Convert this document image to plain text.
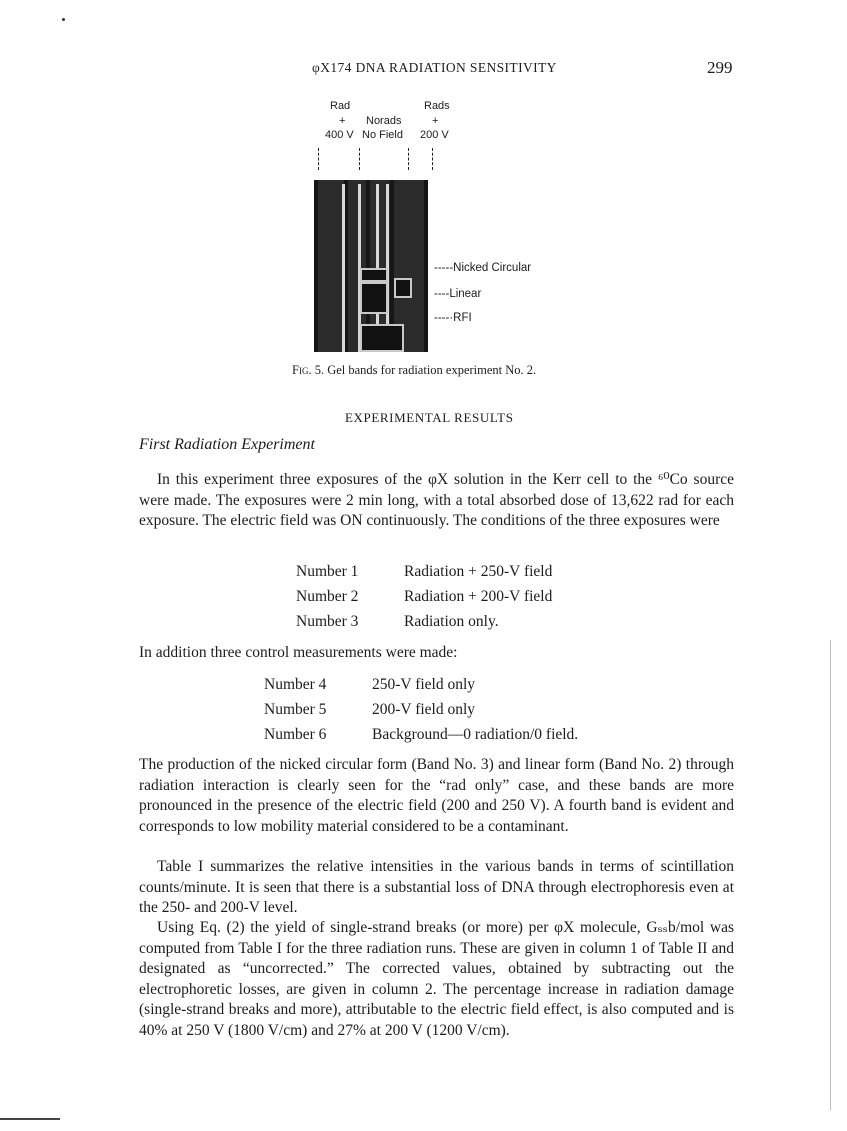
φX174 DNA RADIATION SENSITIVITY	299
Rad
+
400 V
Norads
No Field
Rads
+
200 V
-----Nicked Circular
----Linear
----·RFI
Fig. 5. Gel bands for radiation experiment No. 2.
EXPERIMENTAL RESULTS
First Radiation Experiment
In this experiment three exposures of the φX solution in the Kerr cell to the ⁶⁰Co source were made. The exposures were 2 min long, with a total absorbed dose of 13,622 rad for each exposure. The electric field was ON continuously. The conditions of the three exposures were
Number 1	Radiation + 250-V field
Number 2	Radiation + 200-V field
Number 3	Radiation only.
In addition three control measurements were made:
Number 4	250-V field only
Number 5	200-V field only
Number 6	Background—0 radiation/0 field.
The production of the nicked circular form (Band No. 3) and linear form (Band No. 2) through radiation interaction is clearly seen for the “rad only” case, and these bands are more pronounced in the presence of the electric field (200 and 250 V). A fourth band is evident and corresponds to low mobility material considered to be a contaminant.
Table I summarizes the relative intensities in the various bands in terms of scintillation counts/minute. It is seen that there is a substantial loss of DNA through electrophoresis even at the 250- and 200-V level.
Using Eq. (2) the yield of single-strand breaks (or more) per φX molecule, Gₛₛb/mol was computed from Table I for the three radiation runs. These are given in column 1 of Table II and designated as “uncorrected.” The corrected values, obtained by subtracting out the electrophoretic losses, are given in column 2. The percentage increase in radiation damage (single-strand breaks and more), attributable to the electric field effect, is also computed and is 40% at 250 V (1800 V/cm) and 27% at 200 V (1200 V/cm).
